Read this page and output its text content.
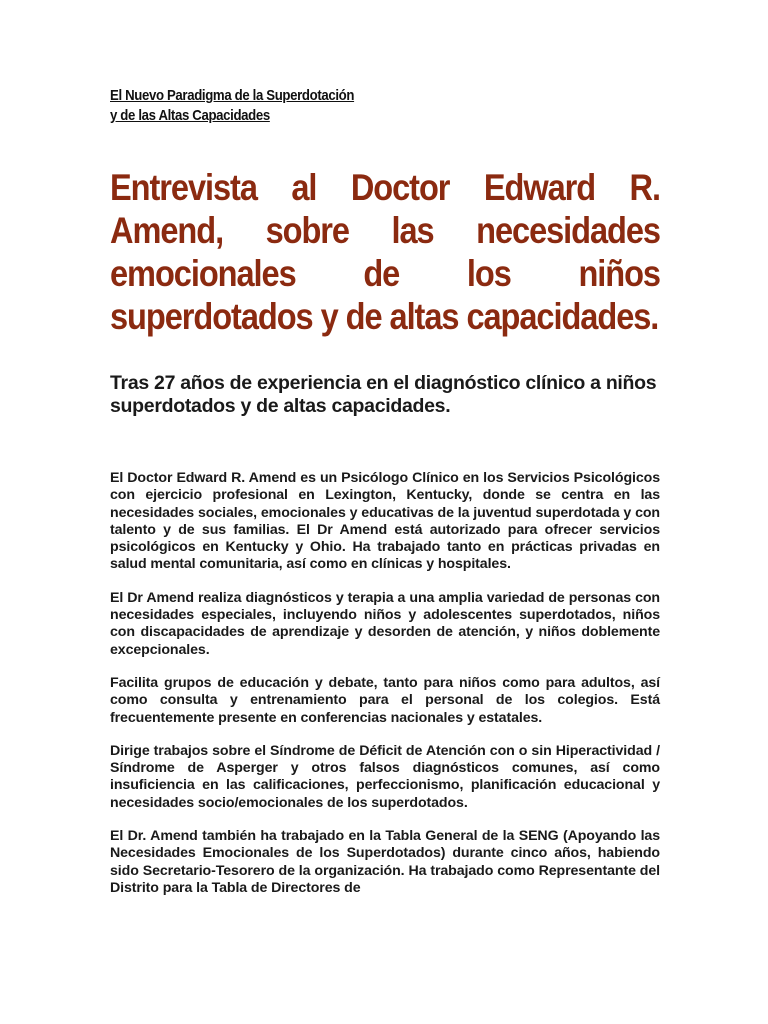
El Nuevo Paradigma de la Superdotación

y de las Altas Capacidades

Entrevista al Doctor Edward R. Amend, sobre las necesidades emocionales de los niños superdotados y de altas capacidades.
Tras 27 años de experiencia en el diagnóstico clínico a niños superdotados y de altas capacidades.

El Doctor Edward R. Amend es un Psicólogo Clínico en los Servicios Psicológicos con ejercicio profesional en Lexington, Kentucky, donde se centra en las necesidades sociales, emocionales y educativas de la juventud superdotada y con talento y de sus familias. El Dr Amend está autorizado para ofrecer servicios psicológicos en Kentucky y Ohio. Ha trabajado tanto en prácticas privadas en salud mental comunitaria, así como en clínicas y hospitales.

El Dr Amend realiza diagnósticos y terapia a una amplia variedad de personas con necesidades especiales, incluyendo niños y adolescentes superdotados, niños con discapacidades de aprendizaje y desorden de atención, y niños doblemente excepcionales.

Facilita grupos de educación y debate, tanto para niños como para adultos, así como consulta y entrenamiento para el personal de los colegios. Está frecuentemente presente en conferencias nacionales y estatales.

Dirige trabajos sobre el Síndrome de Déficit de Atención con o sin Hiperactividad / Síndrome de Asperger y otros falsos diagnósticos comunes, así como insuficiencia en las calificaciones, perfeccionismo, planificación educacional y necesidades socio/emocionales de los superdotados.

El Dr. Amend también ha trabajado en la Tabla General de la SENG (Apoyando las Necesidades Emocionales de los Superdotados) durante cinco años, habiendo sido Secretario-Tesorero de la organización. Ha trabajado como Representante del Distrito para la Tabla de Directores de
